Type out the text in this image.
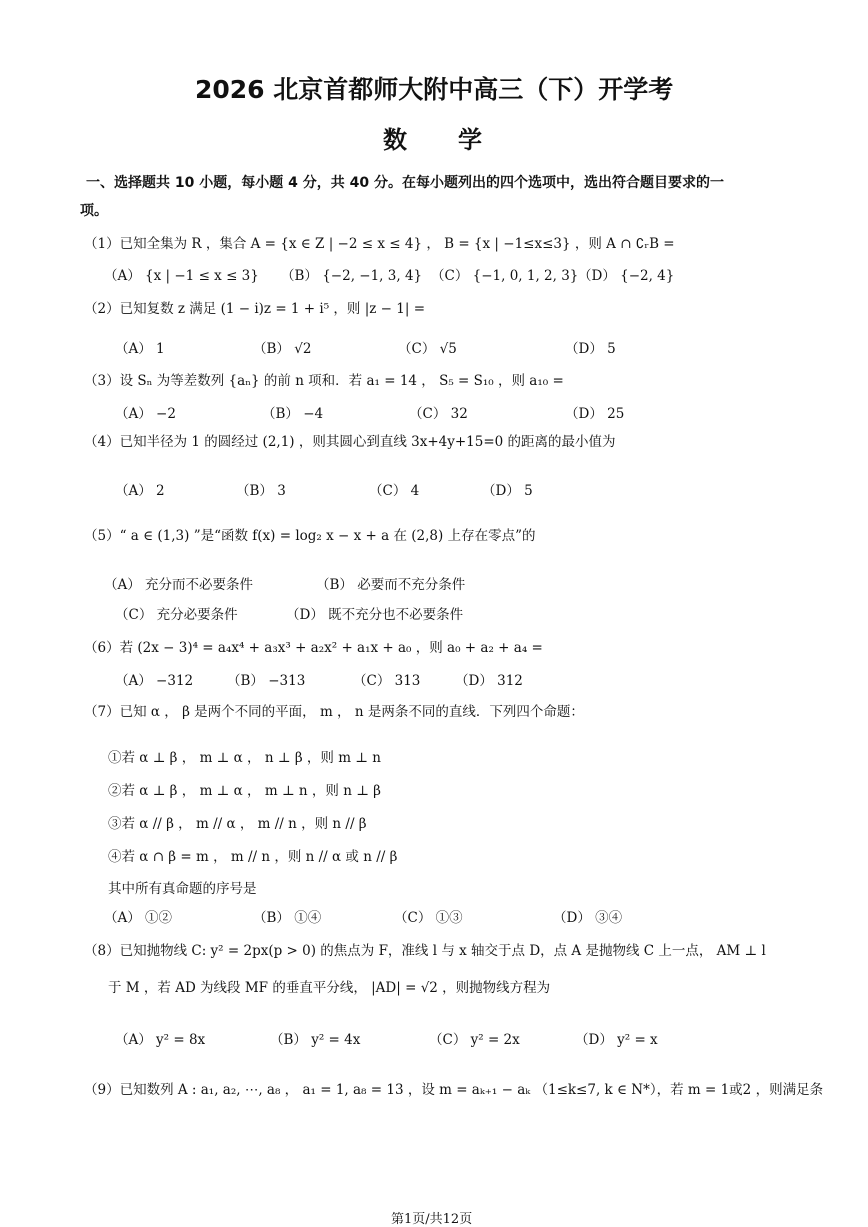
2026 北京首都师大附中高三（下）开学考
数 学
一、选择题共 10 小题，每小题 4 分，共 40 分。在每小题列出的四个选项中，选出符合题目要求的一
项。
（1）已知全集为 R ，集合 A = {x ∈ Z | −2 ≤ x ≤ 4} ， B = {x | −1≤x≤3} ，则 A ∩ ∁ᵣB =
（A） {x | −1 ≤ x ≤ 3} （B） {−2, −1, 3, 4} （C） {−1, 0, 1, 2, 3} （D） {−2, 4}
（2）已知复数 z 满足 (1 − i)z = 1 + i⁵ ，则 |z − 1| =
（A） 1	（B） √2	（C） √5	（D） 5
（3）设 Sₙ 为等差数列 {aₙ} 的前 n 项和．若 a₁ = 14 ， S₅ = S₁₀ ，则 a₁₀ =
（A） −2	（B） −4	（C） 32	（D） 25
（4）已知半径为 1 的圆经过 (2,1) ，则其圆心到直线 3x+4y+15=0 的距离的最小值为
（A） 2	（B） 3	（C） 4	（D） 5
（5）“ a ∈ (1,3) ”是“函数 f(x) = log₂ x − x + a 在 (2,8) 上存在零点”的
（A） 充分而不必要条件	（B） 必要而不充分条件
（C） 充分必要条件	（D） 既不充分也不必要条件
（6）若 (2x − 3)⁴ = a₄x⁴ + a₃x³ + a₂x² + a₁x + a₀ ，则 a₀ + a₂ + a₄ =
（A） −312	（B） −313	（C） 313	（D） 312
（7）已知 α ， β 是两个不同的平面， m ， n 是两条不同的直线．下列四个命题：
①若 α ⊥ β ， m ⊥ α ， n ⊥ β ，则 m ⊥ n
②若 α ⊥ β ， m ⊥ α ， m ⊥ n ，则 n ⊥ β
③若 α // β ， m // α ， m // n ，则 n // β
④若 α ∩ β = m ， m // n ，则 n // α 或 n // β
其中所有真命题的序号是
（A） ①②	（B） ①④	（C） ①③	（D） ③④
（8）已知抛物线 C: y² = 2px(p > 0) 的焦点为 F，准线 l 与 x 轴交于点 D，点 A 是抛物线 C 上一点， AM ⊥ l
于 M ，若 AD 为线段 MF 的垂直平分线， |AD| = √2 ，则抛物线方程为
（A） y² = 8x	（B） y² = 4x	（C） y² = 2x	（D） y² = x
（9）已知数列 A : a₁, a₂, ⋯, a₈ ， a₁ = 1, a₈ = 13 ，设 m = aₖ₊₁ − aₖ （1≤k≤7, k ∈ N*），若 m = 1或2 ，则满足条
第1页/共12页
